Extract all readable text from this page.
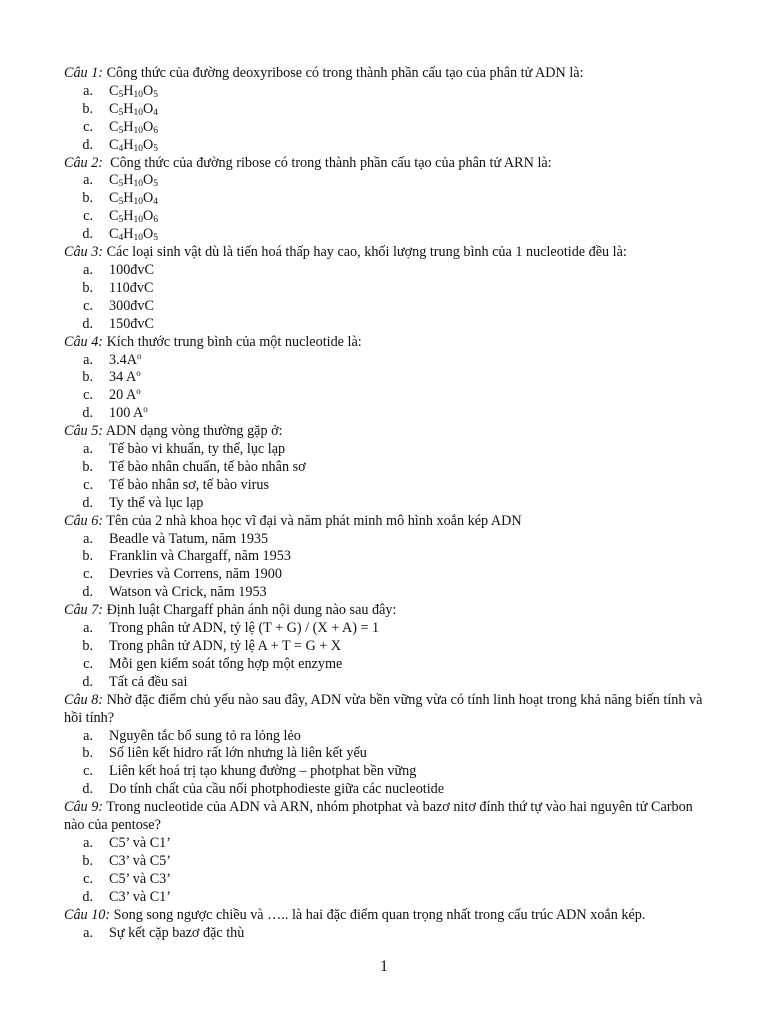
Câu 1: Công thức của đường deoxyribose có trong thành phần cấu tạo của phân tử ADN là:
a.	$C_5H_{10}O_5$
b.	$C_5H_{10}O_4$
c.	$C_5H_{10}O_6$
d.	$C_4H_{10}O_5$
Câu 2:  Công thức của đường ribose có trong thành phần cấu tạo của phân tử ARN là:
a.	$C_5H_{10}O_5$
b.	$C_5H_{10}O_4$
c.	$C_5H_{10}O_6$
d.	$C_4H_{10}O_5$
Câu 3: Các loại sinh vật dù là tiến hoá thấp hay cao, khối lượng trung bình của 1 nucleotide đều là:
a.	100đvC
b.	110đvC
c.	300đvC
d.	150đvC
Câu 4: Kích thước trung bình của một nucleotide là:
a.	$3.4A^o$
b.	34 $A^o$
c.	20 $A^o$
d.	100 $A^o$
Câu 5: ADN dạng vòng thường gặp ở:
a.	Tế bào vi khuẩn, ty thể, lục lạp
b.	Tế bào nhân chuẩn, tế bào nhân sơ
c.	Tế bào nhân sơ, tế bào virus
d.	Ty thể và lục lạp
Câu 6: Tên của 2 nhà khoa học vĩ đại và năm phát minh mô hình xoắn kép ADN
a.	Beadle và Tatum, năm 1935
b.	Franklin và Chargaff, năm 1953
c.	Devries và Correns, năm 1900
d.	Watson và Crick, năm 1953
Câu 7: Định luật Chargaff phản ánh nội dung nào sau đây:
a.	Trong phân tử ADN, tỷ lệ (T + G) / (X + A) = 1
b.	Trong phân tử ADN, tỷ lệ A + T = G + X
c.	Mỗi gen kiểm soát tổng hợp một enzyme
d.	Tất cả đều sai
Câu 8: Nhờ đặc điểm chủ yếu nào sau đây, ADN vừa bền vững vừa có tính linh hoạt trong khả năng biến tính và hồi tính?
a.	Nguyên tắc bổ sung tỏ ra lỏng lẻo
b.	Số liên kết hidro rất lớn nhưng là liên kết yếu
c.	Liên kết hoá trị tạo khung đường – photphat bền vững
d.	Do tính chất của cầu nối photphodieste giữa các nucleotide
Câu 9: Trong nucleotide của ADN và ARN, nhóm photphat và bazơ nitơ đính thứ tự vào hai nguyên tử Carbon nào của pentose?
a.	C5’ và C1’
b.	C3’ và C5’
c.	C5’ và C3’
d.	C3’ và C1’
Câu 10: Song song ngược chiều và ….. là hai đặc điểm quan trọng nhất trong cấu trúc ADN xoắn kép.
a.	Sự kết cặp bazơ đặc thù
1
